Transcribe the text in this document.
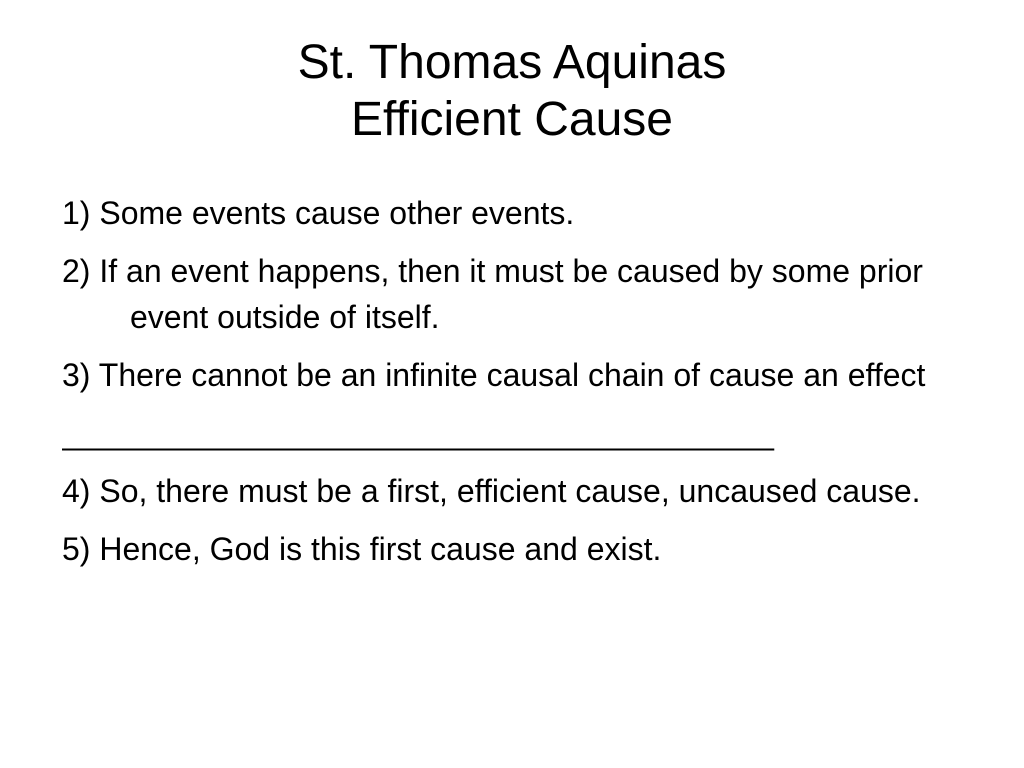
St. Thomas Aquinas
Efficient Cause

1) Some events cause other events.

2) If an event happens, then it must be caused by some prior event outside of itself.

3) There cannot be an infinite causal chain of cause an effect

________________________________________

4) So, there must be a first, efficient cause, uncaused cause.

5) Hence, God is this first cause and exist.
